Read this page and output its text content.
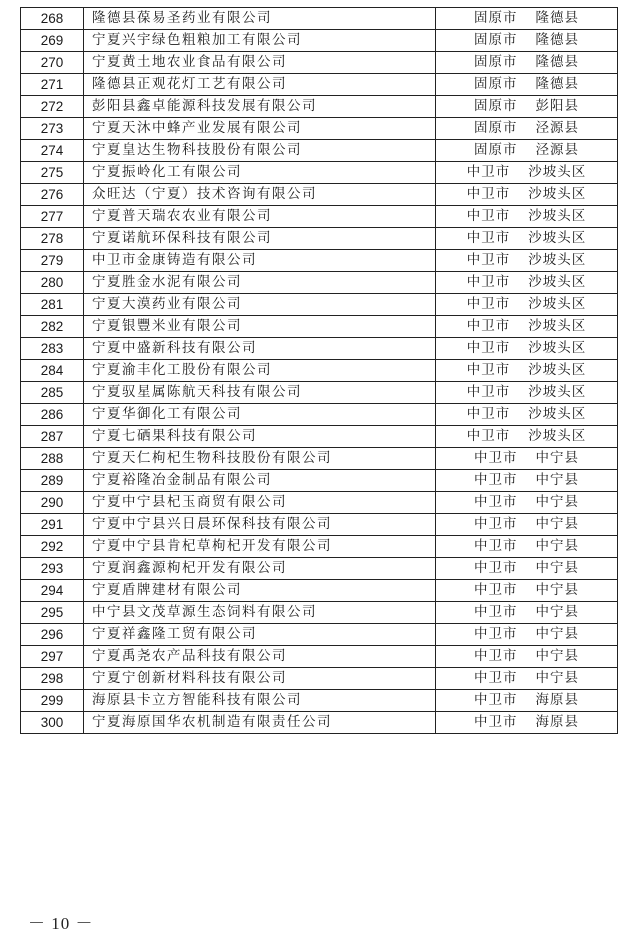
268	隆德县葆易圣药业有限公司	固原市 隆德县

269	宁夏兴宇绿色粗粮加工有限公司	固原市 隆德县

270	宁夏黄土地农业食品有限公司	固原市 隆德县

271	隆德县正观花灯工艺有限公司	固原市 隆德县

272	彭阳县鑫卓能源科技发展有限公司	固原市 彭阳县

273	宁夏天沐中蜂产业发展有限公司	固原市 泾源县

274	宁夏皇达生物科技股份有限公司	固原市 泾源县

275	宁夏振岭化工有限公司	中卫市 沙坡头区

276	众旺达（宁夏）技术咨询有限公司	中卫市 沙坡头区

277	宁夏普天瑞农农业有限公司	中卫市 沙坡头区

278	宁夏诺航环保科技有限公司	中卫市 沙坡头区

279	中卫市金康铸造有限公司	中卫市 沙坡头区

280	宁夏胜金水泥有限公司	中卫市 沙坡头区

281	宁夏大漠药业有限公司	中卫市 沙坡头区

282	宁夏银豐米业有限公司	中卫市 沙坡头区

283	宁夏中盛新科技有限公司	中卫市 沙坡头区

284	宁夏渝丰化工股份有限公司	中卫市 沙坡头区

285	宁夏驭星属陈航天科技有限公司	中卫市 沙坡头区

286	宁夏华御化工有限公司	中卫市 沙坡头区

287	宁夏七硒果科技有限公司	中卫市 沙坡头区

288	宁夏天仁枸杞生物科技股份有限公司	中卫市 中宁县

289	宁夏裕隆冶金制品有限公司	中卫市 中宁县

290	宁夏中宁县杞玉商贸有限公司	中卫市 中宁县

291	宁夏中宁县兴日晨环保科技有限公司	中卫市 中宁县

292	宁夏中宁县肯杞草枸杞开发有限公司	中卫市 中宁县

293	宁夏润鑫源枸杞开发有限公司	中卫市 中宁县

294	宁夏盾牌建材有限公司	中卫市 中宁县

295	中宁县文茂草源生态饲料有限公司	中卫市 中宁县

296	宁夏祥鑫隆工贸有限公司	中卫市 中宁县

297	宁夏禹尧农产品科技有限公司	中卫市 中宁县

298	宁夏宁创新材料科技有限公司	中卫市 中宁县

299	海原县卡立方智能科技有限公司	中卫市 海原县

300	宁夏海原国华农机制造有限责任公司	中卫市 海原县
－ 10 －
